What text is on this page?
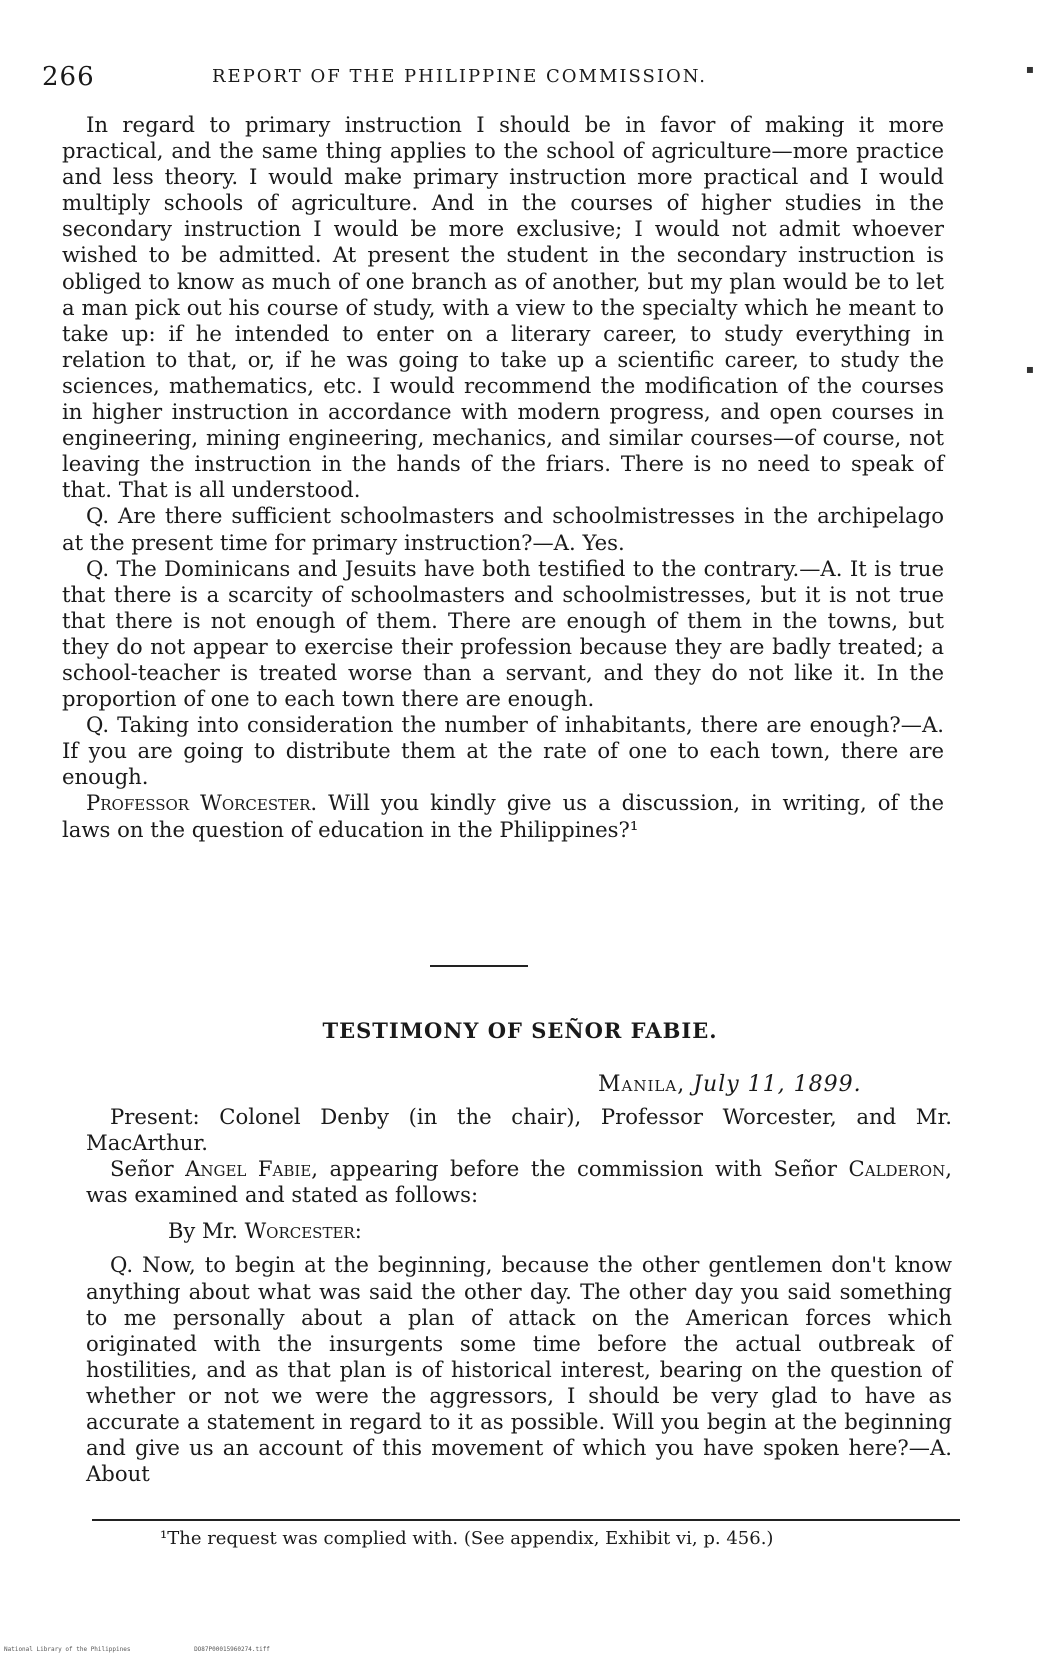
266	REPORT OF THE PHILIPPINE COMMISSION.

In regard to primary instruction I should be in favor of making it more practical, and the same thing applies to the school of agriculture—more practice and less theory. I would make primary instruction more practical and I would multiply schools of agriculture. And in the courses of higher studies in the secondary instruction I would be more exclusive; I would not admit whoever wished to be admitted. At present the student in the secondary instruction is obliged to know as much of one branch as of another, but my plan would be to let a man pick out his course of study, with a view to the specialty which he meant to take up: if he intended to enter on a literary career, to study everything in relation to that, or, if he was going to take up a scientific career, to study the sciences, mathematics, etc. I would recommend the modification of the courses in higher instruction in accordance with modern progress, and open courses in engineering, mining engineering, mechanics, and similar courses—of course, not leaving the instruction in the hands of the friars. There is no need to speak of that. That is all understood.

Q. Are there sufficient schoolmasters and schoolmistresses in the archipelago at the present time for primary instruction?—A. Yes.

Q. The Dominicans and Jesuits have both testified to the contrary.—A. It is true that there is a scarcity of schoolmasters and schoolmistresses, but it is not true that there is not enough of them. There are enough of them in the towns, but they do not appear to exercise their profession because they are badly treated; a school-teacher is treated worse than a servant, and they do not like it. In the proportion of one to each town there are enough.

Q. Taking into consideration the number of inhabitants, there are enough?—A. If you are going to distribute them at the rate of one to each town, there are enough.

Professor Worcester. Will you kindly give us a discussion, in writing, of the laws on the question of education in the Philippines?¹

TESTIMONY OF SEÑOR FABIE.
Manila, July 11, 1899.

Present: Colonel Denby (in the chair), Professor Worcester, and Mr. MacArthur.

Señor Angel Fabie, appearing before the commission with Señor Calderon, was examined and stated as follows:

By Mr. Worcester:

Q. Now, to begin at the beginning, because the other gentlemen don't know anything about what was said the other day. The other day you said something to me personally about a plan of attack on the American forces which originated with the insurgents some time before the actual outbreak of hostilities, and as that plan is of historical interest, bearing on the question of whether or not we were the aggressors, I should be very glad to have as accurate a statement in regard to it as possible. Will you begin at the beginning and give us an account of this movement of which you have spoken here?—A. About

¹The request was complied with. (See appendix, Exhibit vi, p. 456.)
▪
▪
National Library of the Philippines	DO87P00015960274.tiff
